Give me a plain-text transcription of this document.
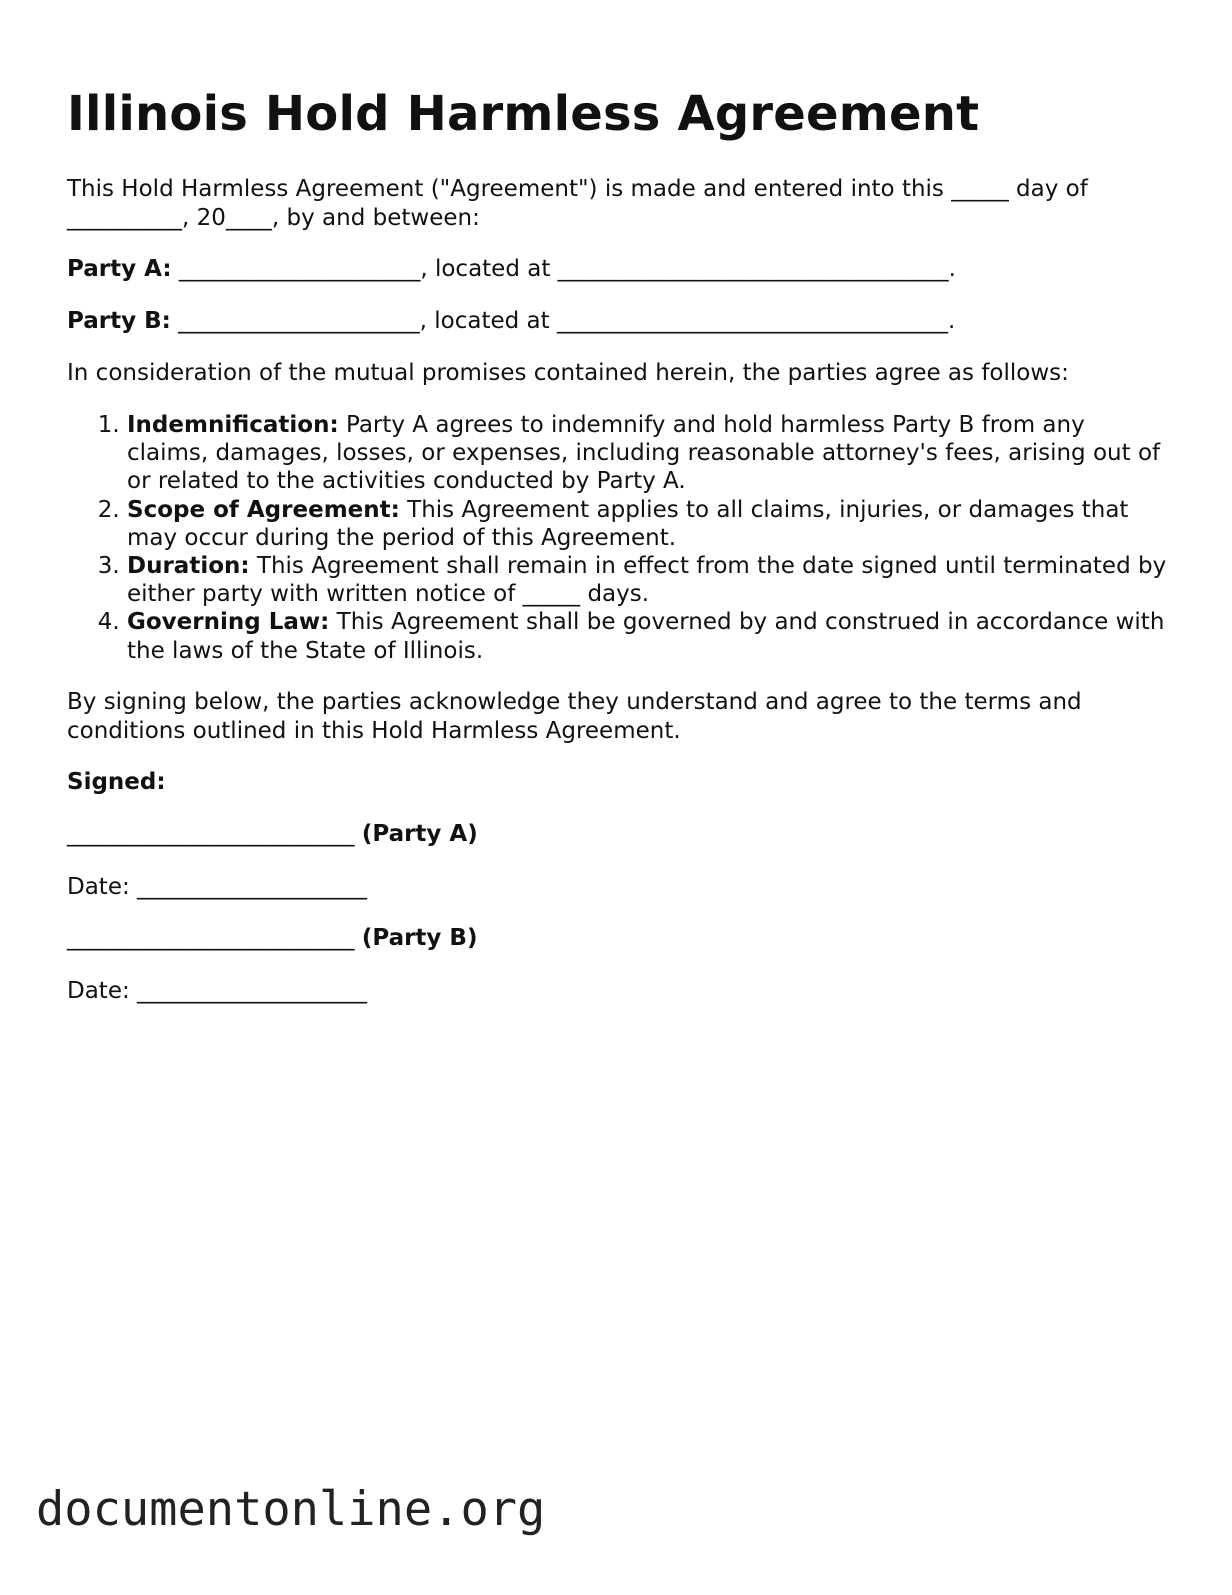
Illinois Hold Harmless Agreement

This Hold Harmless Agreement ("Agreement") is made and entered into this _____ day of __________, 20____, by and between:

Party A: _____________________, located at __________________________________.

Party B: _____________________, located at __________________________________.

In consideration of the mutual promises contained herein, the parties agree as follows:

1. Indemnification: Party A agrees to indemnify and hold harmless Party B from any claims, damages, losses, or expenses, including reasonable attorney's fees, arising out of or related to the activities conducted by Party A.
2. Scope of Agreement: This Agreement applies to all claims, injuries, or damages that may occur during the period of this Agreement.
3. Duration: This Agreement shall remain in effect from the date signed until terminated by either party with written notice of _____ days.
4. Governing Law: This Agreement shall be governed by and construed in accordance with the laws of the State of Illinois.

By signing below, the parties acknowledge they understand and agree to the terms and conditions outlined in this Hold Harmless Agreement.

Signed:

_________________________ (Party A)

Date: ____________________

_________________________ (Party B)

Date: ____________________

documentonline.org
